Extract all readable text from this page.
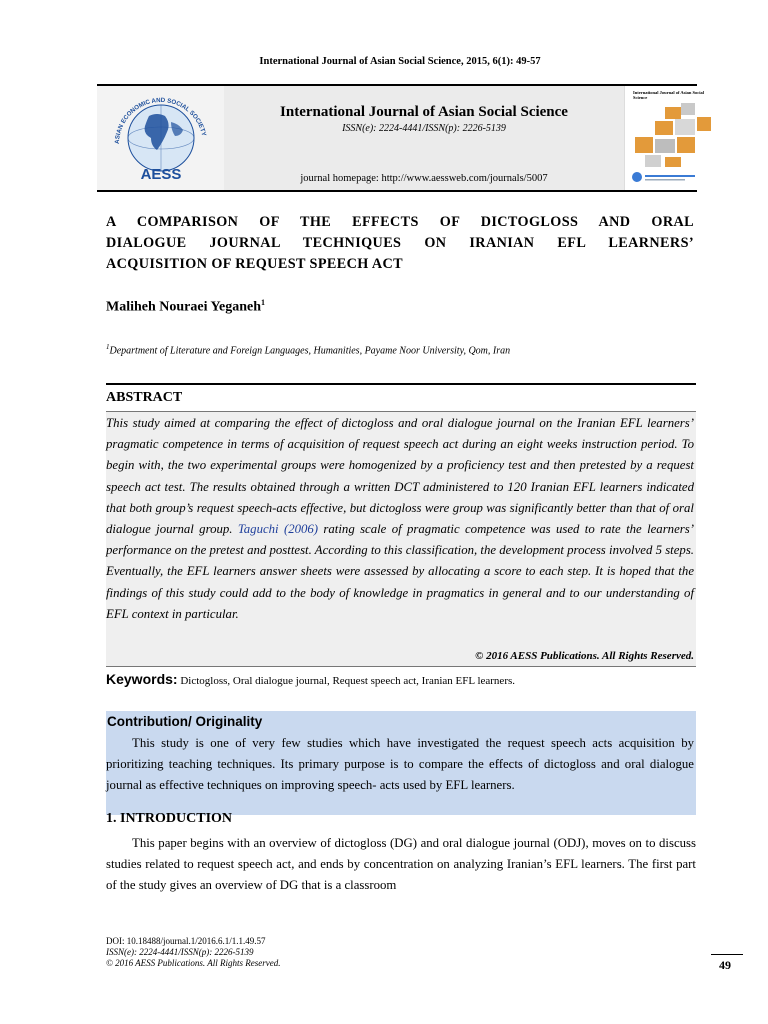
International Journal of Asian Social Science, 2015, 6(1): 49-57
ASIAN ECONOMIC AND SOCIAL SOCIETY
AESS
International Journal of Asian Social Science
ISSN(e): 2224-4441/ISSN(p): 2226-5139
journal homepage: http://www.aessweb.com/journals/5007
International Journal of Asian Social Science
A COMPARISON OF THE EFFECTS OF DICTOGLOSS AND ORAL
DIALOGUE JOURNAL TECHNIQUES ON IRANIAN EFL LEARNERS’
ACQUISITION OF REQUEST SPEECH ACT
Maliheh Nouraei Yeganeh$^1$
$^1$Department of Literature and Foreign Languages, Humanities, Payame Noor University, Qom, Iran
ABSTRACT
This study aimed at comparing the effect of dictogloss and oral dialogue journal on the Iranian EFL learners’ pragmatic competence in terms of acquisition of request speech act during an eight weeks instruction period. To begin with, the two experimental groups were homogenized by a proficiency test and then pretested by a request speech act test. The results obtained through a written DCT administered to 120 Iranian EFL learners indicated that both group’s request speech-acts effective, but dictogloss were group was significantly better than that of oral dialogue journal group. Taguchi (2006) rating scale of pragmatic competence was used to rate the learners’ performance on the pretest and posttest. According to this classification, the development process involved 5 steps. Eventually, the EFL learners answer sheets were assessed by allocating a score to each step. It is hoped that the findings of this study could add to the body of knowledge in pragmatics in general and to our understanding of EFL context in particular.
© 2016 AESS Publications. All Rights Reserved.
Keywords: Dictogloss, Oral dialogue journal, Request speech act, Iranian EFL learners.
Contribution/ Originality
This study is one of very few studies which have investigated the request speech acts acquisition by prioritizing teaching techniques. Its primary purpose is to compare the effects of dictogloss and oral dialogue journal as effective techniques on improving speech- acts used by EFL learners.
1. INTRODUCTION
This paper begins with an overview of dictogloss (DG) and oral dialogue journal (ODJ), moves on to discuss studies related to request speech act, and ends by concentration on analyzing Iranian’s EFL learners. The first part of the study gives an overview of DG that is a classroom
DOI: 10.18488/journal.1/2016.6.1/1.1.49.57
ISSN(e): 2224-4441/ISSN(p): 2226-5139
© 2016 AESS Publications. All Rights Reserved.	49
